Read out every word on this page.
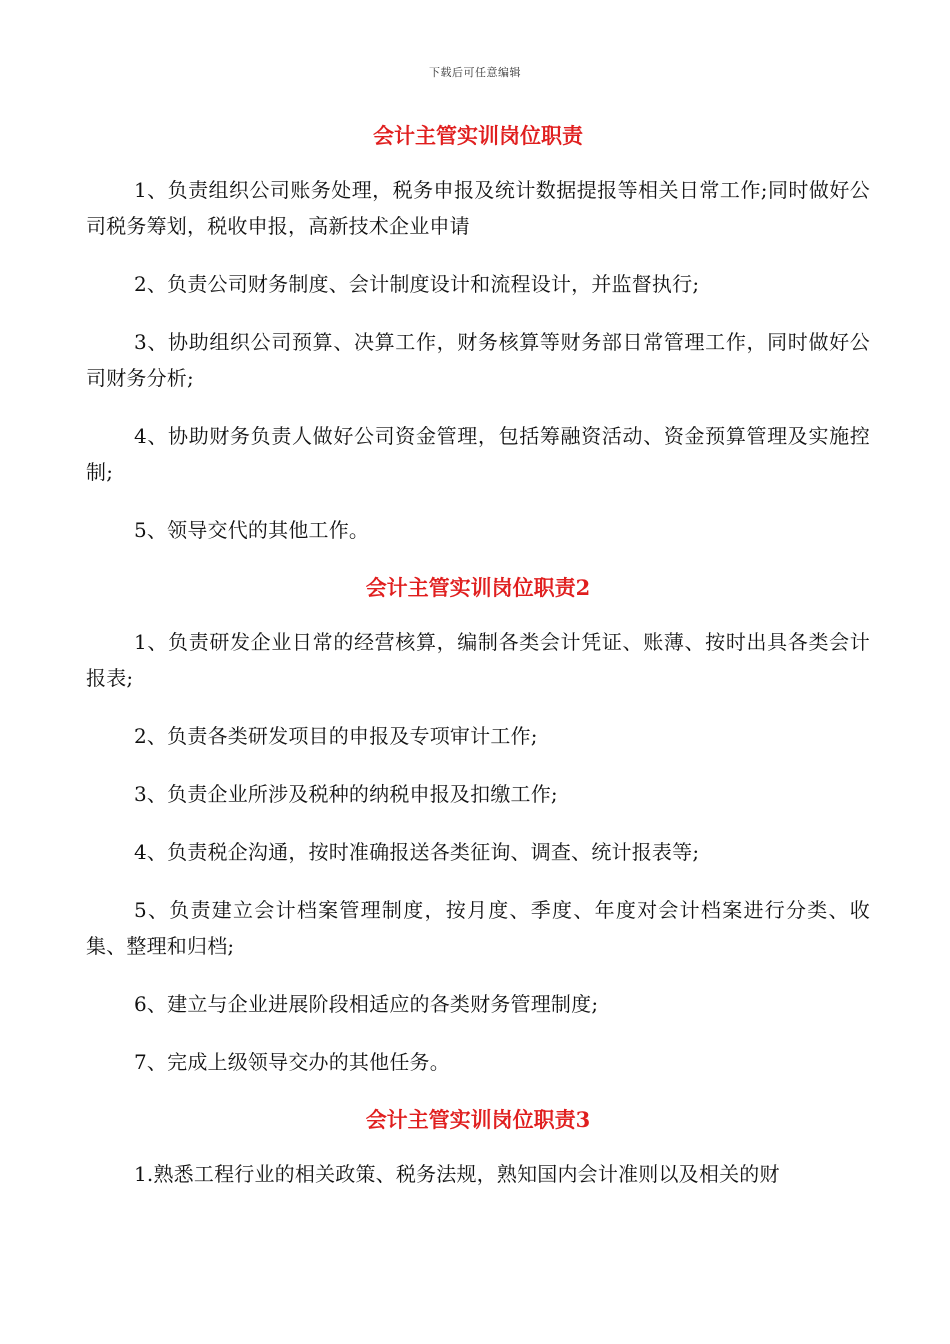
下载后可任意编辑
会计主管实训岗位职责

1、负责组织公司账务处理，税务申报及统计数据提报等相关日常工作;同时做好公司税务筹划，税收申报，高新技术企业申请

2、负责公司财务制度、会计制度设计和流程设计，并监督执行;

3、协助组织公司预算、决算工作，财务核算等财务部日常管理工作，同时做好公司财务分析;

4、协助财务负责人做好公司资金管理，包括筹融资活动、资金预算管理及实施控制;

5、领导交代的其他工作。

会计主管实训岗位职责2

1、负责研发企业日常的经营核算，编制各类会计凭证、账薄、按时出具各类会计报表;

2、负责各类研发项目的申报及专项审计工作;

3、负责企业所涉及税种的纳税申报及扣缴工作;

4、负责税企沟通，按时准确报送各类征询、调查、统计报表等;

5、负责建立会计档案管理制度，按月度、季度、年度对会计档案进行分类、收集、整理和归档;

6、建立与企业进展阶段相适应的各类财务管理制度;

7、完成上级领导交办的其他任务。

会计主管实训岗位职责3

1.熟悉工程行业的相关政策、税务法规，熟知国内会计准则以及相关的财
